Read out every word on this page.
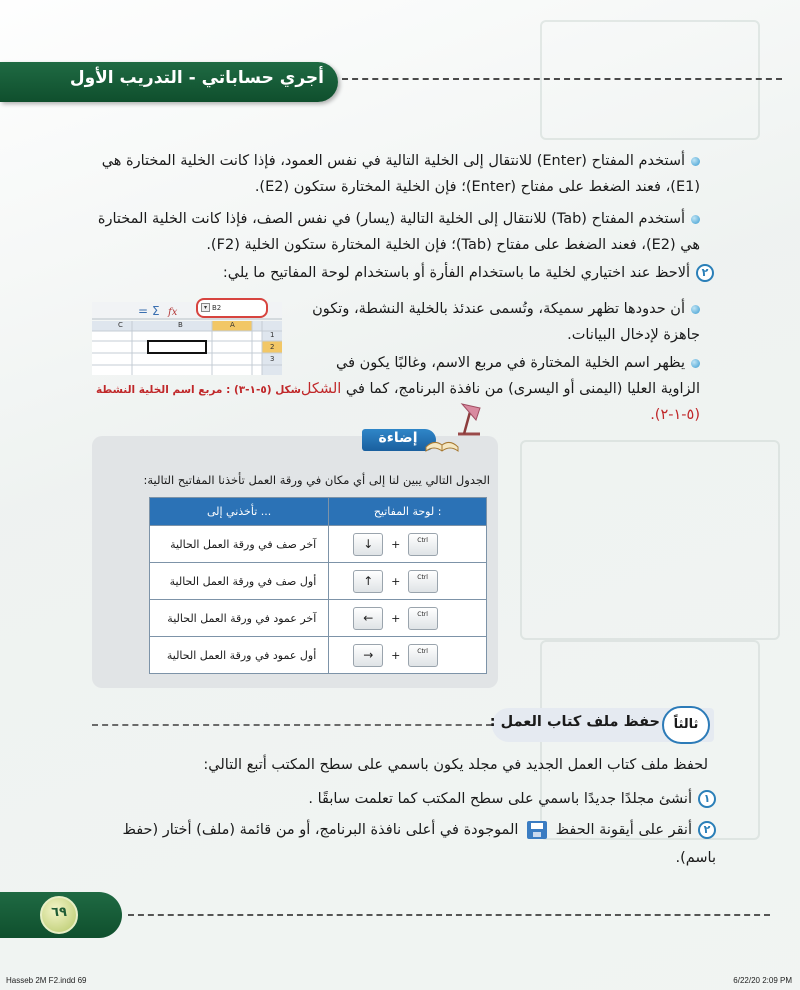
أجري حساباتي - التدريب الأول
أستخدم المفتاح (Enter) للانتقال إلى الخلية التالية في نفس العمود، فإذا كانت الخلية المختارة هي (E1)، فعند الضغط على مفتاح (Enter)؛ فإن الخلية المختارة ستكون (E2).
أستخدم المفتاح (Tab) للانتقال إلى الخلية التالية (يسار) في نفس الصف، فإذا كانت الخلية المختارة هي (E2)، فعند الضغط على مفتاح (Tab)؛ فإن الخلية المختارة ستكون الخلية (F2).
٢ألاحظ عند اختياري لخلية ما باستخدام الفأرة أو باستخدام لوحة المفاتيح ما يلي:
أن حدودها تظهر سميكة، وتُسمى عندئذ بالخلية النشطة، وتكون جاهزة لإدخال البيانات.
يظهر اسم الخلية المختارة في مربع الاسم، وغالبًا يكون في الزاوية العليا (اليمنى أو اليسرى) من نافذة البرنامج، كما في الشكل (٥-١-٢).
= Σ fx	▾ B2
C	B	A
1
2
3
شكل (٥-١-٣) : مربع اسم الخلية النشطة
إضاءة
الجدول التالي يبين لنا إلى أي مكان في ورقة العمل تأخذنا المفاتيح التالية:
تأخذني إلى ...	لوحة المفاتيح :
آخر صف في ورقة العمل الحالية	↓ + Ctrl

أول صف في ورقة العمل الحالية	↑ + Ctrl

آخر عمود في ورقة العمل الحالية	← + Ctrl

أول عمود في ورقة العمل الحالية	→ + Ctrl
ثالثاً
حفظ ملف كتاب العمل :
لحفظ ملف كتاب العمل الجديد في مجلد يكون باسمي على سطح المكتب أتبع التالي:
١أنشئ مجلدًا جديدًا باسمي على سطح المكتب كما تعلمت سابقًا .
٢أنقر على أيقونة الحفظ  الموجودة في أعلى نافذة البرنامج، أو من قائمة (ملف) أختار (حفظ باسم).
٦٩
Hasseb 2M F2.indd 69	6/22/20 2:09 PM
